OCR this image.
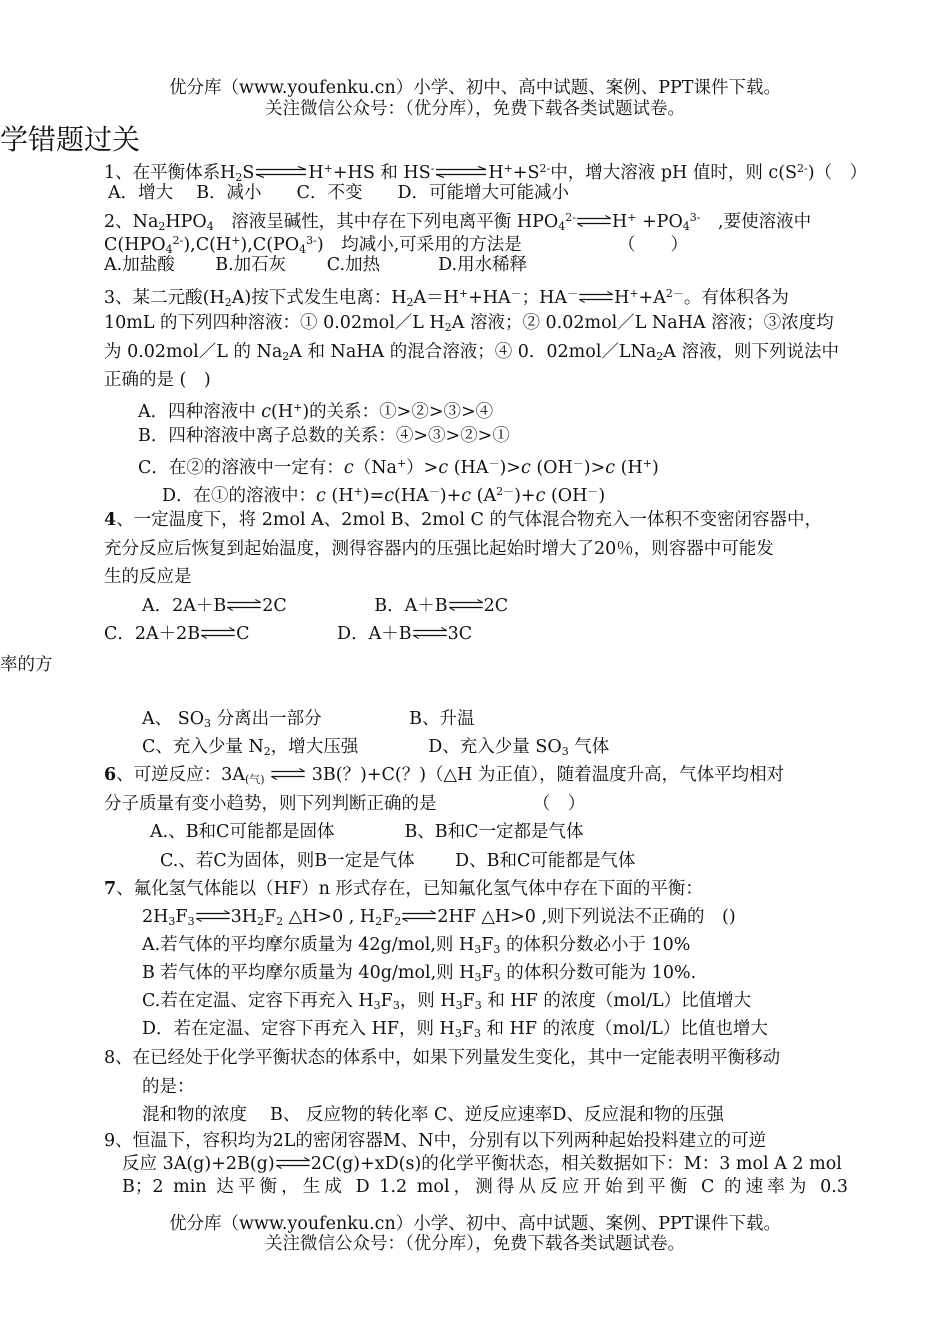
优分库（www.youfenku.cn）小学、初中、高中试题、案例、PPT课件下载。
关注微信公众号：（优分库），免费下载各类试题试卷。
学错题过关
1、在平衡体系$H_2S$	H++HS 和 HS-	$H^++S^{2-}$中，增大溶液 pH 值时，则 $c(S^{2-})$（　）
A．增大　 B．减小　　C．不变　　D．可能增大可能减小
2、$Na_2HPO_4$　溶液呈碱性，其中存在下列电离平衡 $HPO_4^{2-}$ $H^+ +PO_4^{3-}$　,要使溶液中
$C(HPO_4^{2-}),C(H^+),C(PO_4^{3-})$　均减小,可采用的方法是　　　　　　（　　）
A.加盐酸　　 B.加石灰　　 C.加热　　　 D.用水稀释
3、某二元酸$(H_2A)$按下式发生电离：$H_2A=H^++HA^-$；HA－ $H^++A^{2-}$。有体积各为
10mL 的下列四种溶液：① 0.02mol／L $H_2A$ 溶液；② 0.02mol／L NaHA 溶液；③浓度均
为 0.02mol／L 的 $Na_2A$ 和 NaHA 的混合溶液；④ 0．02mol／LNa$_2$A 溶液，则下列说法中
正确的是 (　)
A．四种溶液中 c(H+)的关系：①>②>③>④
B．四种溶液中离子总数的关系：④>③>②>①
C．在②的溶液中一定有：c（Na+）>c (HA－)>c (OH－)>c (H+)
D．在①的溶液中：c (H+)=c(HA－)+c $(A^{2-})+c$ (OH－)
4、一定温度下，将 2mol A、2mol B、2mol C 的气体混合物充入一体积不变密闭容器中，
充分反应后恢复到起始温度，测得容器内的压强比起始时增大了20％，则容器中可能发
生的反应是
A．2A＋B 2C　　　　　B．A＋B 2C
C．2A＋2B C　　　　　D．A＋B 3C
率的方
A、 $SO_3$ 分离出一部分　　　　　B、升温
C、充入少量 $N_2$，增大压强　　　　D、充入少量 $SO_3$ 气体
6、可逆反应：$3A_{(气)}$  3B(？)+C(？)（△H 为正值），随着温度升高，气体平均相对
分子质量有变小趋势，则下列判断正确的是　　　　　　（　）
A.、B和C可能都是固体　　　　B、B和C一定都是气体
C.、若C为固体，则B一定是气体　　 D、B和C可能都是气体
7、氟化氢气体能以（HF）n 形式存在，已知氟化氢气体中存在下面的平衡：
$2H_3F_3$ $3H_2F_2$ △H>0 , $H_2F_2$ 2HF △H>0 ,则下列说法不正确的　()
A.若气体的平均摩尔质量为 42g/mol,则 $H_3F_3$ 的体积分数必小于 10%
B 若气体的平均摩尔质量为 40g/mol,则 $H_3F_3$ 的体积分数可能为 10%.
C.若在定温、定容下再充入 $H_3F_3$，则 $H_3F_3$ 和 HF 的浓度（mol/L）比值增大
D．若在定温、定容下再充入 HF，则 $H_3F_3$ 和 HF 的浓度（mol/L）比值也增大
8、在已经处于化学平衡状态的体系中，如果下列量发生变化，其中一定能表明平衡移动
的是：
混和物的浓度　 B、 反应物的转化率 C、逆反应速率D、反应混和物的压强
9、恒温下，容积均为2L的密闭容器M、N中，分别有以下列两种起始投料建立的可逆
反应 3A(g)+2B(g) 2C(g)+xD(s)的化学平衡状态，相关数据如下：M：3 mol A 2 mol
B；2 min 达平衡，生成 D 1.2 mol，测得从反应开始到平衡 C 的速率为 0.3
优分库（www.youfenku.cn）小学、初中、高中试题、案例、PPT课件下载。
关注微信公众号：（优分库），免费下载各类试题试卷。
